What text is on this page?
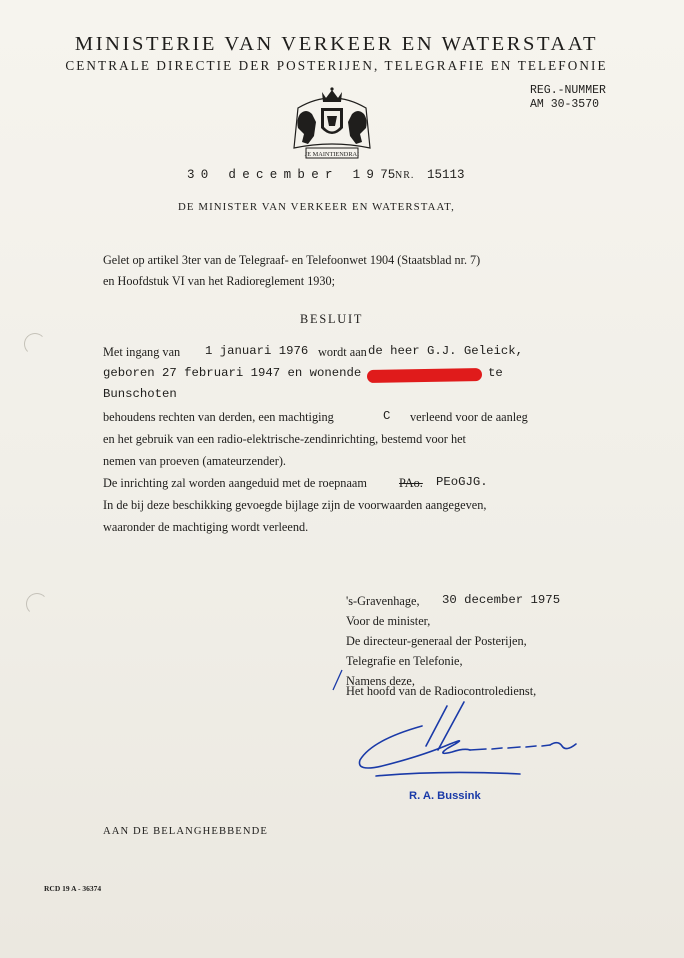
MINISTERIE VAN VERKEER EN WATERSTAAT
CENTRALE DIRECTIE DER POSTERIJEN, TELEGRAFIE EN TELEFONIE
REG.-NUMMER
AM 30-3570
JE MAINTIENDRAI
30 december 1975 NR. 15113
DE MINISTER VAN VERKEER EN WATERSTAAT,
Gelet op artikel 3ter van de Telegraaf- en Telefoonwet 1904 (Staatsblad nr. 7)
en Hoofdstuk VI van het Radioreglement 1930;
BESLUIT
Met ingang van 1 januari 1976 wordt aan de heer G.J. Geleick,
geboren 27 februari 1947 en wonende	te
Bunschoten
behoudens rechten van derden, een machtiging	C verleend voor de aanleg
en het gebruik van een radio-elektrische-zendinrichting, bestemd voor het
nemen van proeven (amateurzender).
De inrichting zal worden aangeduid met de roepnaam	PAo. PEoGJG.
In de bij deze beschikking gevoegde bijlage zijn de voorwaarden aangegeven,
waaronder de machtiging wordt verleend.
's-Gravenhage, 30 december 1975
Voor de minister,
De directeur-generaal der Posterijen,
Telegrafie en Telefonie,
Namens deze,
Het hoofd van de Radiocontroledienst,
R. A. Bussink
AAN DE BELANGHEBBENDE
RCD 19 A - 36374
